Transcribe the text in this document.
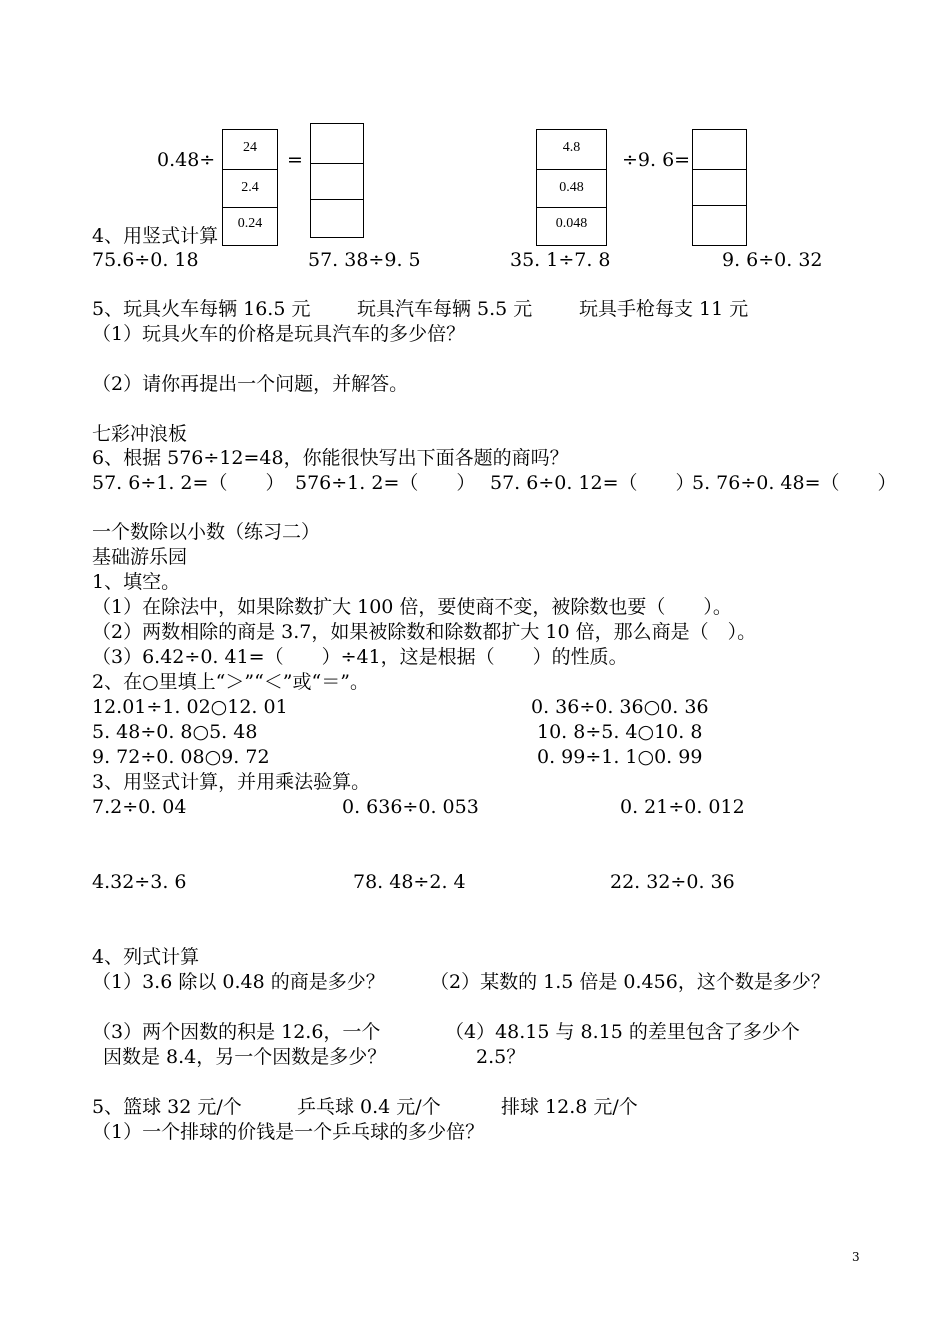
0.48÷
24
2.4
0.24
=
4.8
0.48
0.048
÷9. 6=
4、用竖式计算
75.6÷0. 18	57. 38÷9. 5	35. 1÷7. 8	9. 6÷0. 32
5、玩具火车每辆 16.5 元 玩具汽车每辆 5.5 元 玩具手枪每支 11 元
（1）玩具火车的价格是玩具汽车的多少倍？
（2）请你再提出一个问题，并解答。
七彩冲浪板
6、根据 576÷12=48，你能很快写出下面各题的商吗？
57. 6÷1. 2=（　　） 576÷1. 2=（　　） 57. 6÷0. 12=（　　）
5. 76÷0. 48=（　　）
一个数除以小数（练习二）
基础游乐园
1、填空。
（1）在除法中，如果除数扩大 100 倍，要使商不变，被除数也要（　　）。
（2）两数相除的商是 3.7，如果被除数和除数都扩大 10 倍，那么商是（　）。
（3）6.42÷0. 41=（　　）÷41，这是根据（　　）的性质。
2、在○里填上“＞”“＜”或“＝”。
12.01÷1. 02○12. 01	0. 36÷0. 36○0. 36
5. 48÷0. 8○5. 48	10. 8÷5. 4○10. 8
9. 72÷0. 08○9. 72	0. 99÷1. 1○0. 99
3、用竖式计算，并用乘法验算。
7.2÷0. 04	0. 636÷0. 053	0. 21÷0. 012
4.32÷3. 6	78. 48÷2. 4	22. 32÷0. 36
4、列式计算
（1）3.6 除以 0.48 的商是多少？ （2）某数的 1.5 倍是 0.456，这个数是多少？
（3）两个因数的积是 12.6，一个	（4）48.15 与 8.15 的差里包含了多少个
因数是 8.4，另一个因数是多少？	2.5？
5、篮球 32 元/个	乒乓球 0.4 元/个	排球 12.8 元/个
（1）一个排球的价钱是一个乒乓球的多少倍？
3
